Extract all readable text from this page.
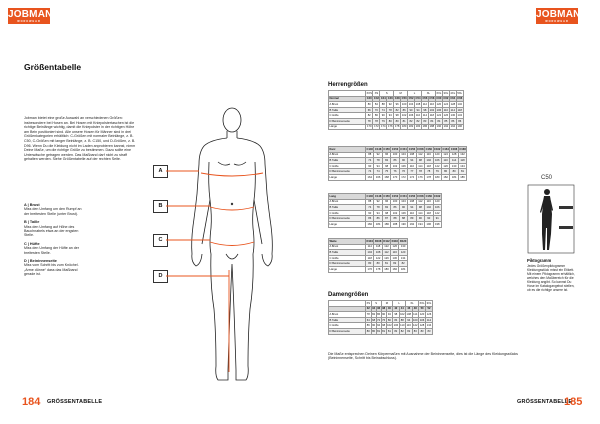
JOBMAN
WORKWEAR
Größentabelle
Jobman bietet eine große Auswahl an verschiedenen Größen: insbesondere bei Hosen an. Bei Hosen mit Kniepolstertaschen ist die richtige Beinlänge wichtig, damit die Kniepolster in der richtigen Höhe am Bein positioniert sind. Alle unsere Hosen für Männer sind in drei Größenkategorien erhältlich: C-Größen mit normaler Beinlänge, z. B. C50, C-Größen mit langer Beinlänge, z. B. C150, und D-Größen, z. B. D96. Wenn Du die Kleidung nicht im Laden anprobieren kannst, nimm Deine Maße, um die richtige Größe zu bestimmen. Dazu sollte eine Unterwäsche getragen werden. Das Maßband darf nicht zu straff gehalten werden. Siehe Größentabelle auf der rechten Seite.
A | Brust
Miss den Umfang um den Rumpf an der breitesten Stelle (unter Brust).
B | Taille
Miss den Umfang auf Höhe des Bauchnabels etwa an der engsten Stelle.
C | Hüfte
Miss den Umfang der Hüfte an der breitesten Stelle.
D | Beininnenseite
Miss vom Schritt bis zum Knöchel. „Arme dünne“ dass das Maßband gerade ist.
A
B
C
D
184 GRÖSSENTABELLE
JOBMAN
WORKWEAR
Herrengrößen
	XXS	XS	S		M		L		XL		XXL	3XL	4XL	5XL
Normal	C40	C42	C44	C46	C48	C50	C52	C54	C56	C58	C60	C62	C64	C66
A Brust	80	84	88	92	96	100	104	108	112	116	120	124	128	132
B Taille	66	70	74	78	82	86	90	94	98	102	106	110	114	118
C Hüfte	82	86	90	94	98	102	106	110	114	118	122	126	130	134
D Beininnenseite	78	78	79	80	80	81	82	82	83	84	84	85	86	86
Länge	170	172	174	176	178	180	182	184	186	188	190	192	194	196
Kurz	C146	C148	C150	C152	C154	C156	C158	C160	C162	C164	C166	C168
A Brust	88	92	96	100	104	108	112	116	120	124	128	132
B Taille	74	78	82	86	90	94	98	102	106	110	114	118
C Hüfte	90	94	98	102	106	110	114	118	122	126	130	134
D Beininnenseite	74	74	75	76	76	77	78	78	79	80	80	81
Länge	164	166	168	170	172	174	176	178	180	182	184	186
Lang	C146	C148	C150	C152	C154	C156	C158	C160	C162
A Brust	88	92	96	100	104	108	112	116	120
B Taille	74	78	82	86	90	94	98	102	106
C Hüfte	90	94	98	102	106	110	114	118	122
D Beininnenseite	86	86	87	88	88	89	90	90	91
Länge	182	184	186	188	190	192	194	196	198
Weite	D104	D108	D112	D116	D120
A Brust	114	118	122	126	130
B Taille	104	108	112	116	120
C Hüfte	118	122	126	130	134
D Beininnenseite	80	80	81	82	82
Länge	176	178	180	182	184
	XS	S		M		L		XL		XXL	3XL
	32	34	36	38	40	42	44	46	48	50	52
A Brust	78	82	86	90	94	98	102	108	114	120	126
B Taille	64	68	72	76	80	84	88	94	100	106	112
C Hüfte	86	90	94	98	102	106	110	116	122	128	134
D Beininnenseite	80	80	81	81	81	82	82	82	83	83	83
Damengrößen
C50
Piktogramm
Jedes Größenpiktogramm Kleidungsstück misst ein Etikett. Mit einem Piktogramm erhältlich, welches den Maßbereich für die Kleidung angibt. So kannst Du Hose im Katalogangebot stellen, ob es die richtige unsere ist.
Die Maße entsprechen Deinen Körpermaßen mit Ausnahme der Beininnenseite, dies ist die Länge des Kleidungsstücks (Beininnenseite, Schritt bis Beinabschluss).
GRÖSSENTABELLE
185
